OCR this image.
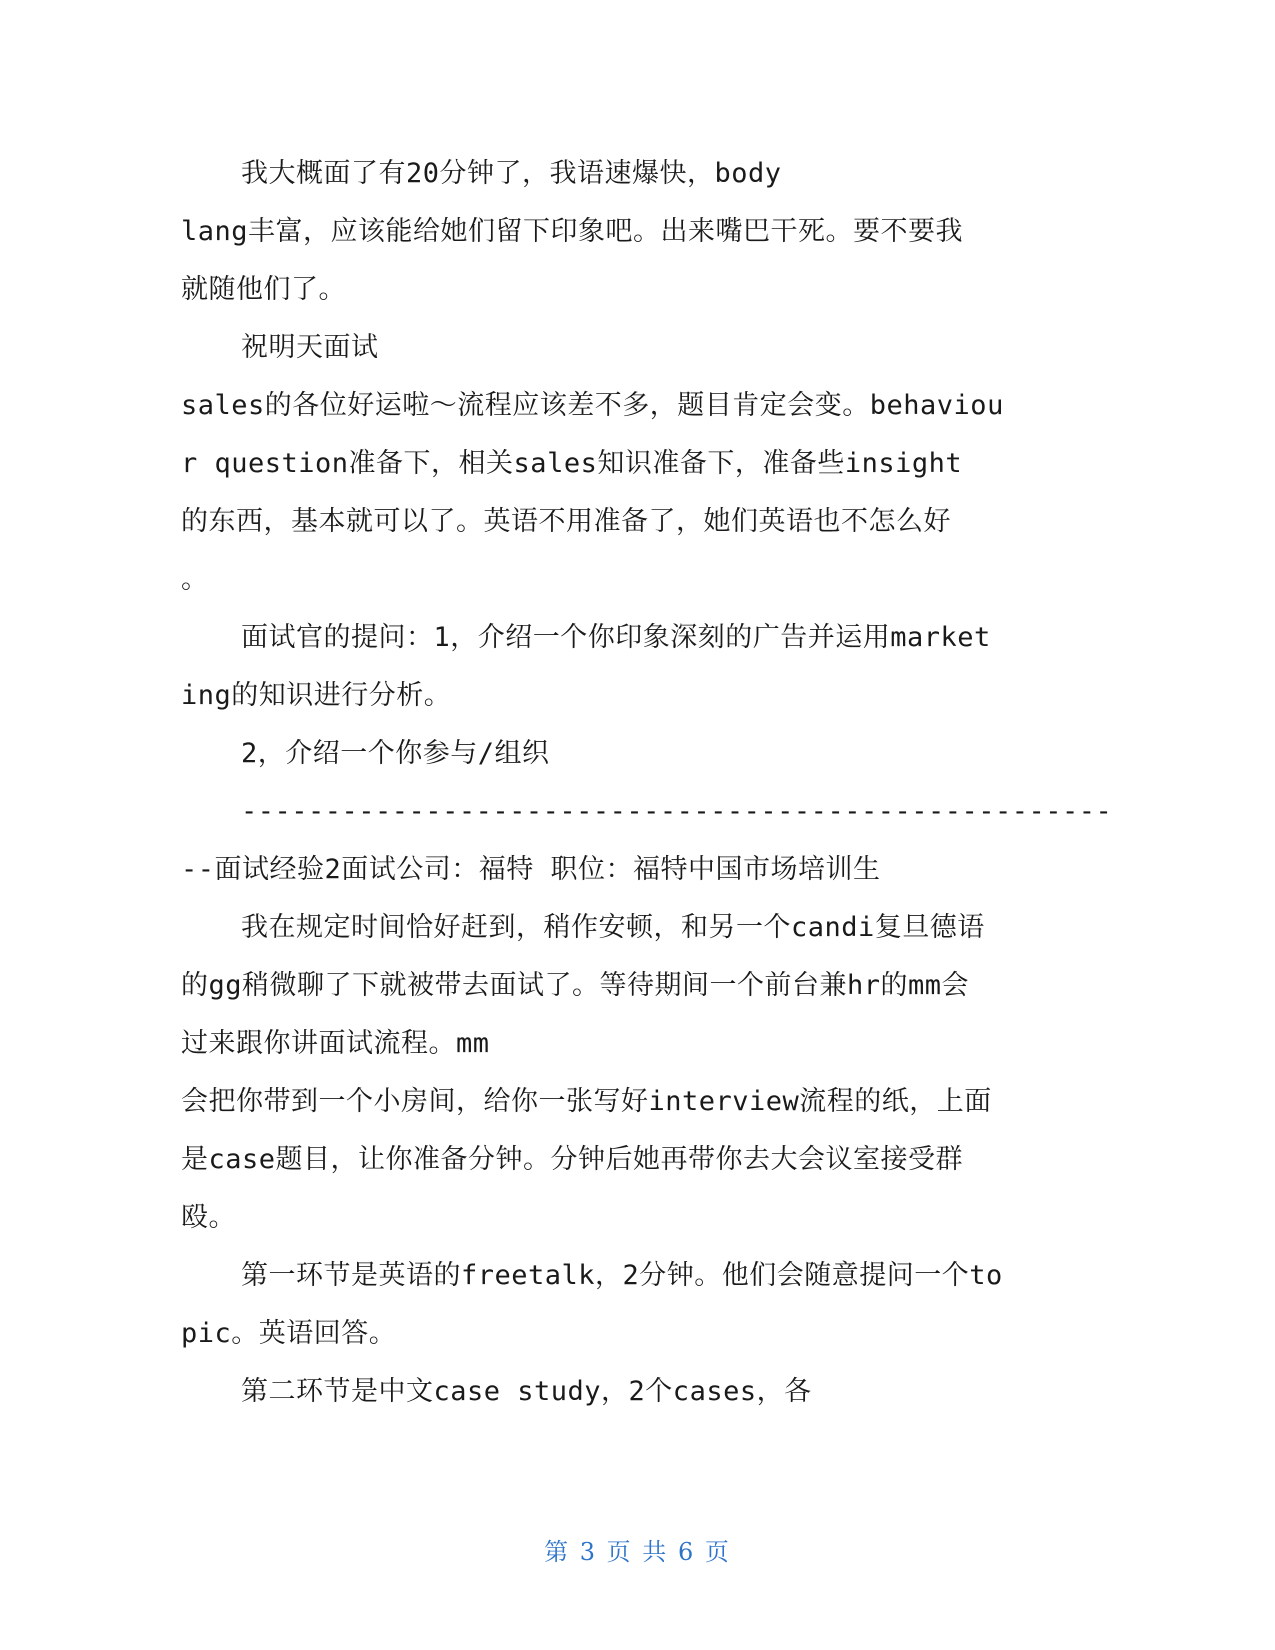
我大概面了有20分钟了，我语速爆快，body
lang丰富，应该能给她们留下印象吧。出来嘴巴干死。要不要我
就随他们了。
祝明天面试
sales的各位好运啦～流程应该差不多，题目肯定会变。behaviou
r question准备下，相关sales知识准备下，准备些insight
的东西，基本就可以了。英语不用准备了，她们英语也不怎么好
。
面试官的提问：1，介绍一个你印象深刻的广告并运用market
ing的知识进行分析。
2，介绍一个你参与/组织
----------------------------------------------------
--面试经验2面试公司：福特 职位：福特中国市场培训生
我在规定时间恰好赶到，稍作安顿，和另一个candi复旦德语
的gg稍微聊了下就被带去面试了。等待期间一个前台兼hr的mm会
过来跟你讲面试流程。mm
会把你带到一个小房间，给你一张写好interview流程的纸，上面
是case题目，让你准备分钟。分钟后她再带你去大会议室接受群
殴。
第一环节是英语的freetalk，2分钟。他们会随意提问一个to
pic。英语回答。
第二环节是中文case study，2个cases，各
第 3 页 共 6 页
